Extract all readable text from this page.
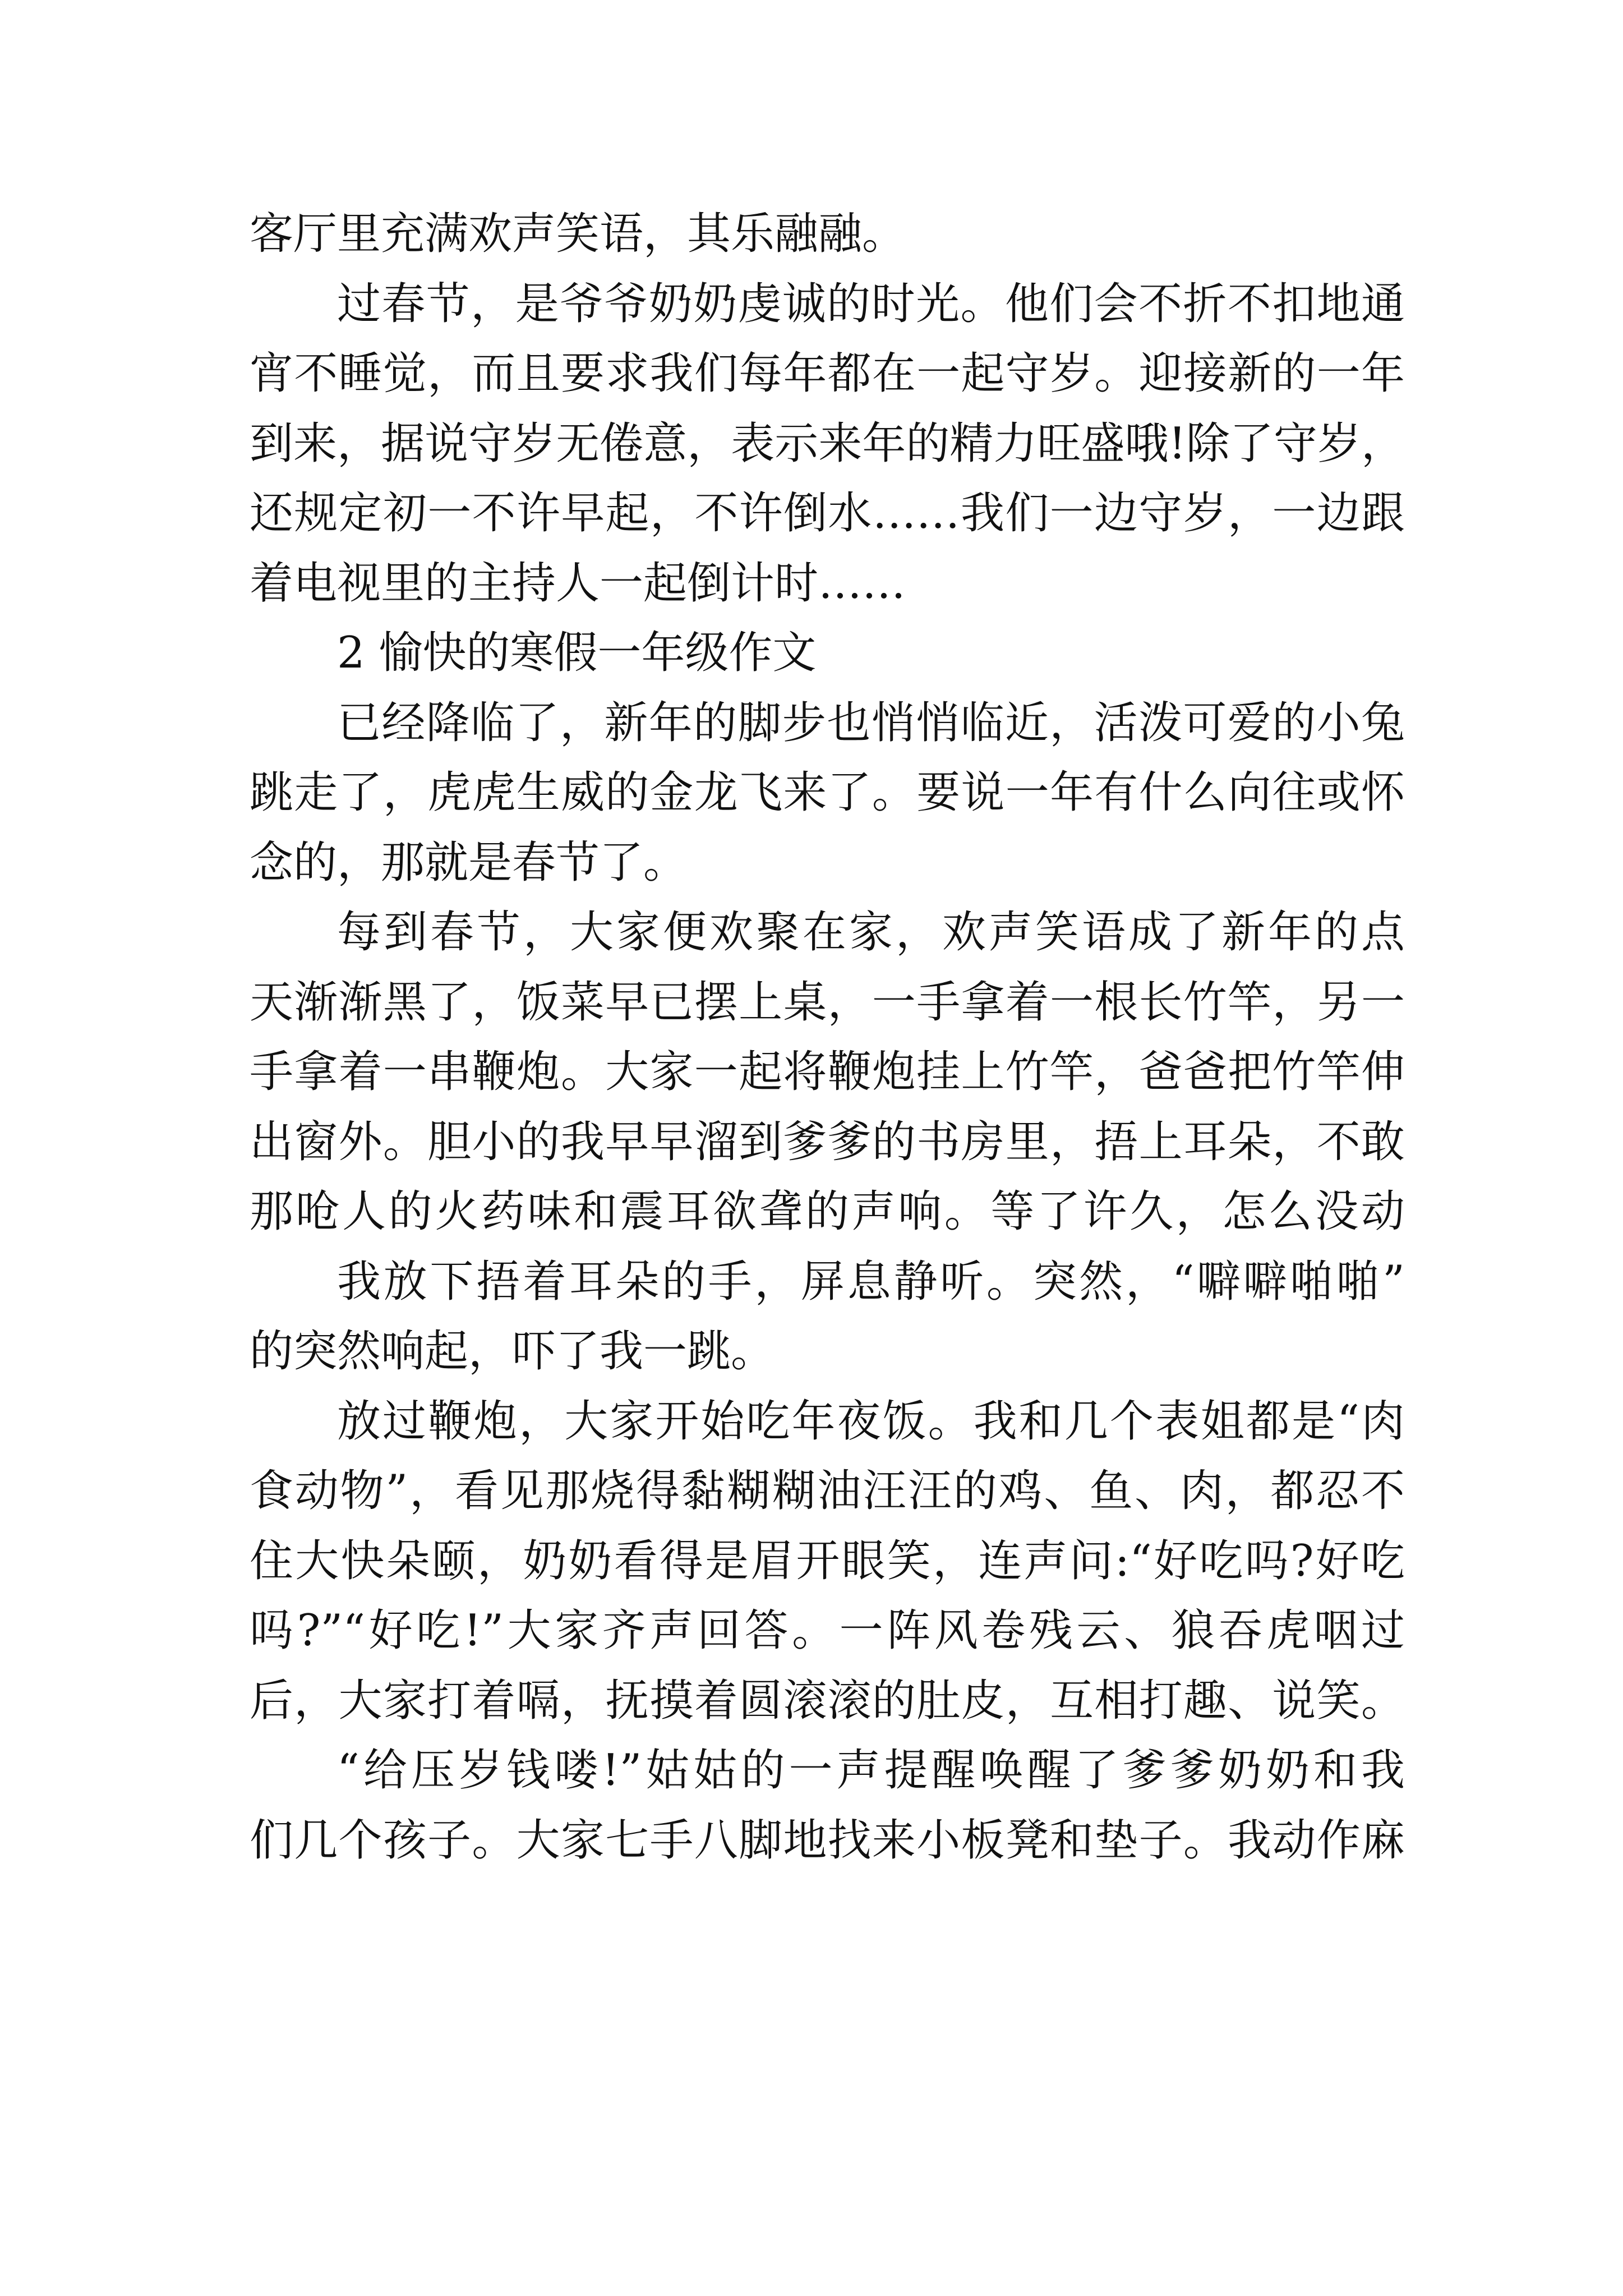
客厅里充满欢声笑语，其乐融融。
过春节，是爷爷奶奶虔诚的时光。他们会不折不扣地通
宵不睡觉，而且要求我们每年都在一起守岁。迎接新的一年
到来，据说守岁无倦意，表示来年的精力旺盛哦!除了守岁，
还规定初一不许早起，不许倒水……我们一边守岁，一边跟
着电视里的主持人一起倒计时……
2 愉快的寒假一年级作文
已经降临了，新年的脚步也悄悄临近，活泼可爱的小兔
跳走了，虎虎生威的金龙飞来了。要说一年有什么向往或怀
念的，那就是春节了。
每到春节，大家便欢聚在家，欢声笑语成了新年的点
天渐渐黑了，饭菜早已摆上桌，一手拿着一根长竹竿，另一
手拿着一串鞭炮。大家一起将鞭炮挂上竹竿，爸爸把竹竿伸
出窗外。胆小的我早早溜到爹爹的书房里，捂上耳朵，不敢
那呛人的火药味和震耳欲聋的声响。等了许久，怎么没动
我放下捂着耳朵的手，屏息静听。突然，“噼噼啪啪”
的突然响起，吓了我一跳。
放过鞭炮，大家开始吃年夜饭。我和几个表姐都是“肉
食动物”，看见那烧得黏糊糊油汪汪的鸡、鱼、肉，都忍不
住大快朵颐，奶奶看得是眉开眼笑，连声问:“好吃吗?好吃
吗?”“好吃!”大家齐声回答。一阵风卷残云、狼吞虎咽过
后，大家打着嗝，抚摸着圆滚滚的肚皮，互相打趣、说笑。
“给压岁钱喽!”姑姑的一声提醒唤醒了爹爹奶奶和我
们几个孩子。大家七手八脚地找来小板凳和垫子。我动作麻
